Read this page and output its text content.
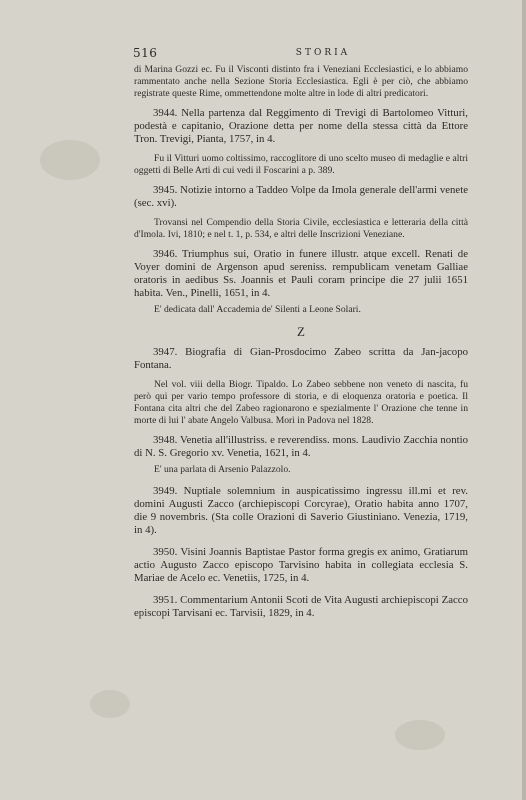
516	STORIA

di Marina Gozzi ec. Fu il Visconti distinto fra i Veneziani Ecclesiastici, e lo abbiamo rammentato anche nella Sezione Storia Ecclesiastica. Egli è per ciò, che abbiamo registrate queste Rime, ommettendone molte altre in lode di altri predicatori.

3944. Nella partenza dal Reggimento di Trevigi di Bartolomeo Vitturi, podestà e capitanio, Orazione detta per nome della stessa città da Ettore Tron. Trevigi, Pianta, 1757, in 4.

Fu il Vitturi uomo coltissimo, raccoglitore di uno scelto museo di medaglie e altri oggetti di Belle Arti di cui vedi il Foscarini a p. 389.

3945. Notizie intorno a Taddeo Volpe da Imola generale dell'armi venete (sec. xvi).

Trovansi nel Compendio della Storia Civile, ecclesiastica e letteraria della città d'Imola. Ivi, 1810; e nel t. 1, p. 534, e altri delle Inscrizioni Veneziane.

3946. Triumphus sui, Oratio in funere illustr. atque excell. Renati de Voyer domini de Argenson apud sereniss. rempublicam venetam Galliae oratoris in aedibus Ss. Joannis et Pauli coram principe die 27 julii 1651 habita. Ven., Pinelli, 1651, in 4.

E' dedicata dall' Accademia de' Silenti a Leone Solari.

Z

3947. Biografia di Gian-Prosdocimo Zabeo scritta da Jan-jacopo Fontana.

Nel vol. viii della Biogr. Tipaldo. Lo Zabeo sebbene non veneto di nascita, fu però qui per vario tempo professore di storia, e di eloquenza oratoria e poetica. Il Fontana cita altri che del Zabeo ragionarono e spezialmente l' Orazione che tenne in morte di lui l' abate Angelo Valbusa. Morì in Padova nel 1828.

3948. Venetia all'illustriss. e reverendiss. mons. Laudivio Zacchia nontio di N. S. Gregorio xv. Venetia, 1621, in 4.

E' una parlata di Arsenio Palazzolo.

3949. Nuptiale solemnium in auspicatissimo ingressu ill.mi et rev. domini Augusti Zacco (archiepiscopi Corcyrae), Oratio habita anno 1707, die 9 novembris. (Sta colle Orazioni di Saverio Giustiniano. Venezia, 1719, in 4).

3950. Visini Joannis Baptistae Pastor forma gregis ex animo, Gratiarum actio Augusto Zacco episcopo Tarvisino habita in collegiata ecclesia S. Mariae de Acelo ec. Venetiis, 1725, in 4.

3951. Commentarium Antonii Scoti de Vita Augusti archiepiscopi Zacco episcopi Tarvisani ec. Tarvisii, 1829, in 4.
